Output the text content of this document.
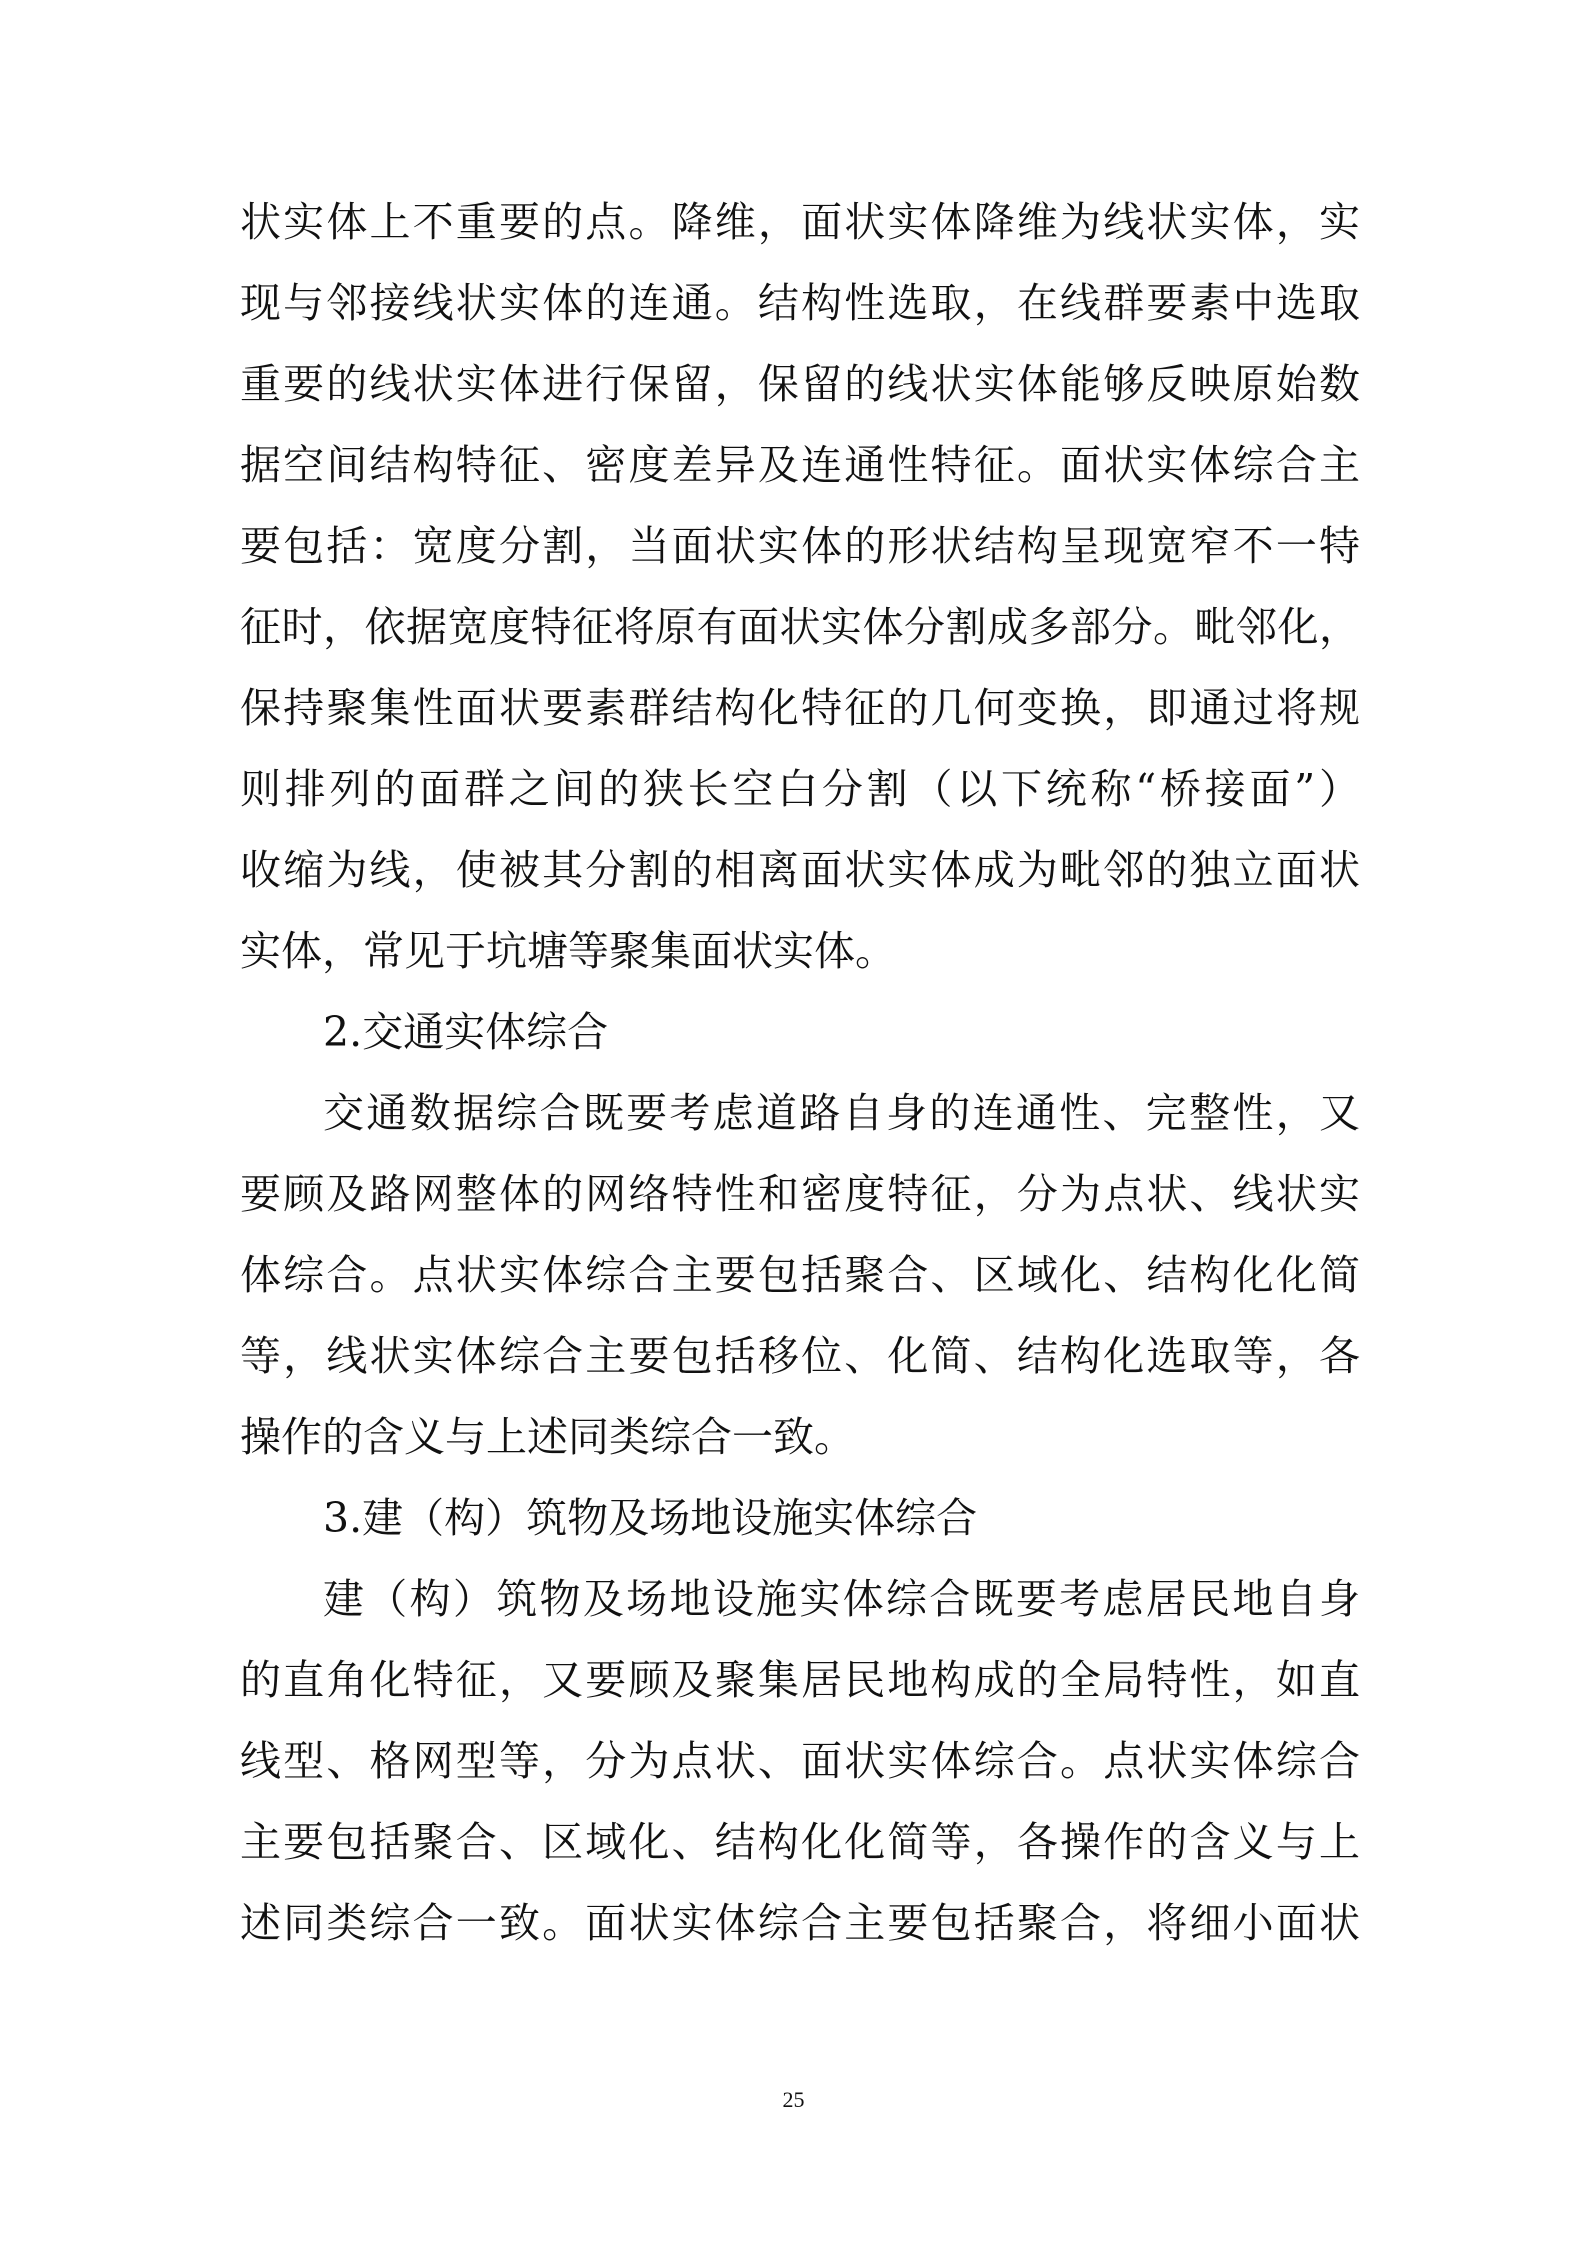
状实体上不重要的点。降维，面状实体降维为线状实体，实
现与邻接线状实体的连通。结构性选取，在线群要素中选取
重要的线状实体进行保留，保留的线状实体能够反映原始数
据空间结构特征、密度差异及连通性特征。面状实体综合主
要包括：宽度分割，当面状实体的形状结构呈现宽窄不一特
征时，依据宽度特征将原有面状实体分割成多部分。毗邻化，
保持聚集性面状要素群结构化特征的几何变换，即通过将规
则排列的面群之间的狭长空白分割（以下统称“桥接面”）
收缩为线，使被其分割的相离面状实体成为毗邻的独立面状
实体，常见于坑塘等聚集面状实体。
2.交通实体综合
交通数据综合既要考虑道路自身的连通性、完整性，又
要顾及路网整体的网络特性和密度特征，分为点状、线状实
体综合。点状实体综合主要包括聚合、区域化、结构化化简
等，线状实体综合主要包括移位、化简、结构化选取等，各
操作的含义与上述同类综合一致。
3.建（构）筑物及场地设施实体综合
建（构）筑物及场地设施实体综合既要考虑居民地自身
的直角化特征，又要顾及聚集居民地构成的全局特性，如直
线型、格网型等，分为点状、面状实体综合。点状实体综合
主要包括聚合、区域化、结构化化简等，各操作的含义与上
述同类综合一致。面状实体综合主要包括聚合，将细小面状
25
